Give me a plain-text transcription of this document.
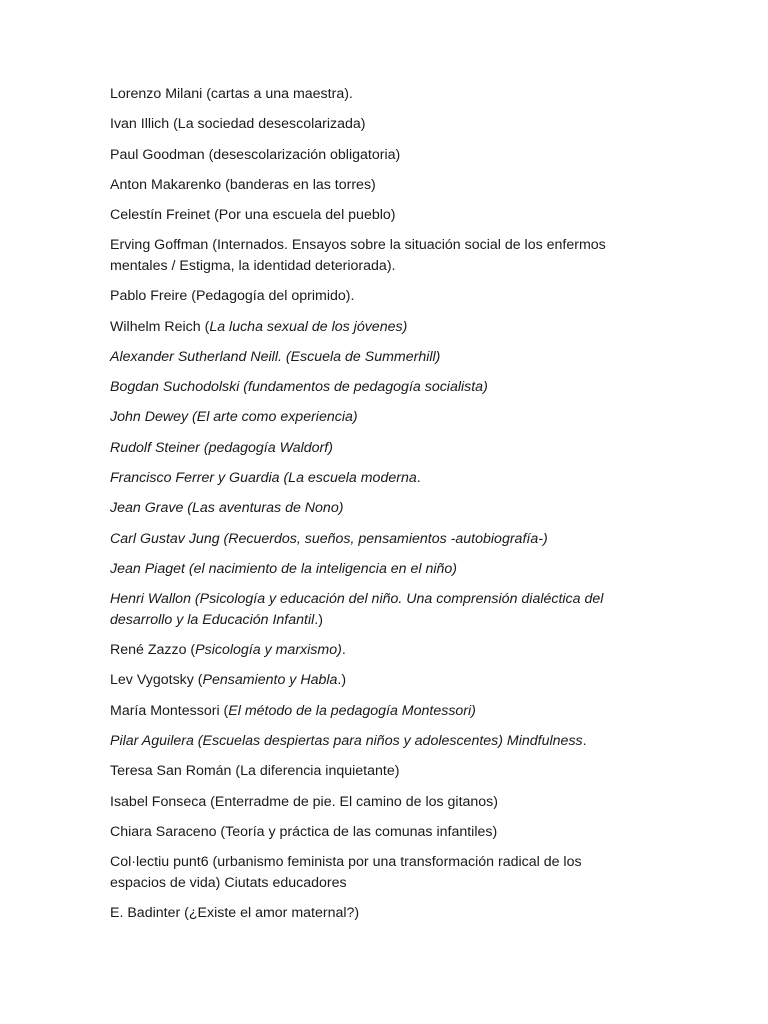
Lorenzo Milani (cartas a una maestra).
Ivan Illich (La sociedad desescolarizada)
Paul Goodman (desescolarización obligatoria)
Anton Makarenko (banderas en las torres)
Celestín Freinet (Por una escuela del pueblo)
Erving Goffman (Internados. Ensayos sobre la situación social de los enfermos mentales / Estigma, la identidad deteriorada).
Pablo Freire (Pedagogía del oprimido).
Wilhelm Reich (La lucha sexual de los jóvenes)
Alexander Sutherland Neill. (Escuela de Summerhill)
Bogdan Suchodolski (fundamentos de pedagogía socialista)
John Dewey (El arte como experiencia)
Rudolf Steiner (pedagogía Waldorf)
Francisco Ferrer y Guardia (La escuela moderna.
Jean Grave (Las aventuras de Nono)
Carl Gustav Jung (Recuerdos, sueños, pensamientos -autobiografía-)
Jean Piaget (el nacimiento de la inteligencia en el niño)
Henri Wallon (Psicología y educación del niño. Una comprensión dialéctica del desarrollo y la Educación Infantil.)
René Zazzo (Psicología y marxismo).
Lev Vygotsky (Pensamiento y Habla.)
María Montessori (El método de la pedagogía Montessori)
Pilar Aguilera (Escuelas despiertas para niños y adolescentes) Mindfulness.
Teresa San Román (La diferencia inquietante)
Isabel Fonseca (Enterradme de pie. El camino de los gitanos)
Chiara Saraceno (Teoría y práctica de las comunas infantiles)
Col·lectiu punt6 (urbanismo feminista por una transformación radical de los espacios de vida) Ciutats educadores
E. Badinter (¿Existe el amor maternal?)
